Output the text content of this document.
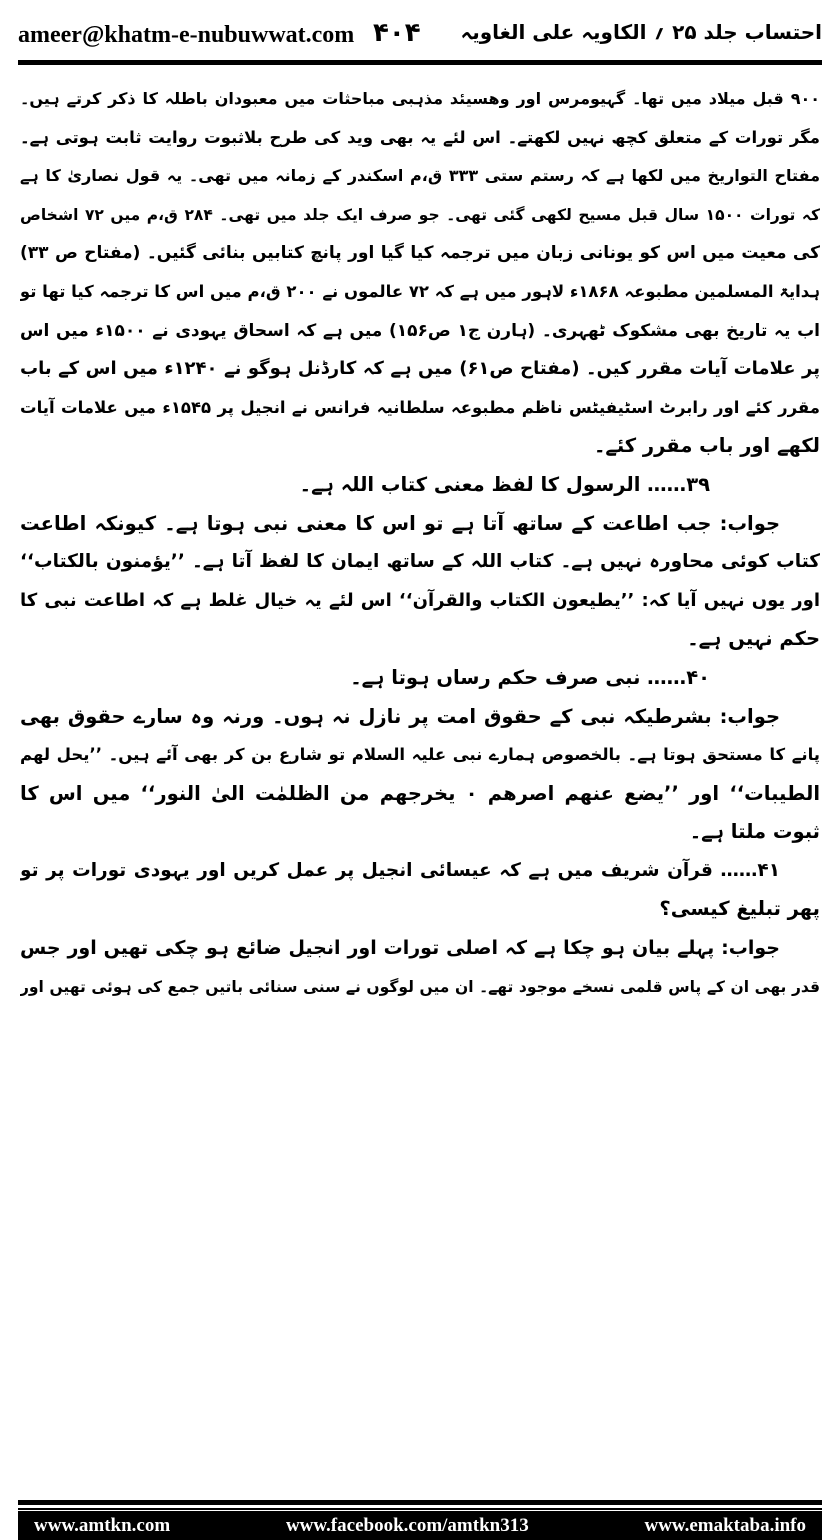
ameer@khatm-e-nubuwwat.com ۴۰۴ احتساب جلد ۲۵ ؍ الکاویہ علی الغاویہ
۹۰۰ قبل میلاد میں تھا۔ گہیومرس اور وهسیئد مذہبی مباحثات میں معبودان باطلہ کا ذکر کرتے ہیں۔
مگر تورات کے متعلق کچھ نہیں لکھتے۔ اس لئے یہ بھی وید کی طرح بلاثبوت روایت ثابت ہوتی ہے۔
مفتاح التواریخ میں لکھا ہے کہ رستم ستی ۳۳۳ ق،م اسکندر کے زمانہ میں تھی۔ یہ قول نصاریٰ کا ہے
کہ تورات ۱۵۰۰ سال قبل مسیح لکھی گئی تھی۔ جو صرف ایک جلد میں تھی۔ ۲۸۴ ق،م میں ۷۲ اشخاص
کی معیت میں اس کو یونانی زبان میں ترجمہ کیا گیا اور پانچ کتابیں بنائی گئیں۔ (مفتاح ص ۳۳)
ہدایۃ المسلمین مطبوعہ ۱۸۶۸ء لاہور میں ہے کہ ۷۲ عالموں نے ۲۰۰ ق،م میں اس کا ترجمہ کیا تھا تو
اب یہ تاریخ بھی مشکوک ٹھہری۔ (ہارن ج۱ ص۱۵۶) میں ہے کہ اسحاق یہودی نے ۱۵۰۰ء میں اس
پر علامات آیات مقرر کیں۔ (مفتاح ص۶۱) میں ہے کہ کارڈنل ہوگو نے ۱۲۴۰ء میں اس کے باب
مقرر کئے اور رابرٹ اسٹیفیٹس ناظم مطبوعہ سلطانیہ فرانس نے انجیل پر ۱۵۴۵ء میں علامات آیات
لکھے اور باب مقرر کئے۔
۳۹…… الرسول کا لفظ معنی کتاب اللہ ہے۔
جواب: جب اطاعت کے ساتھ آتا ہے تو اس کا معنی نبی ہوتا ہے۔ کیونکہ اطاعت
کتاب کوئی محاورہ نہیں ہے۔ کتاب اللہ کے ساتھ ایمان کا لفظ آتا ہے۔ ’’یؤمنون بالکتاب‘‘
اور یوں نہیں آیا کہ: ’’یطیعون الکتاب والقرآن‘‘ اس لئے یہ خیال غلط ہے کہ اطاعت نبی کا
حکم نہیں ہے۔
۴۰…… نبی صرف حکم رساں ہوتا ہے۔
جواب: بشرطیکہ نبی کے حقوق امت پر نازل نہ ہوں۔ ورنہ وہ سارے حقوق بھی
پانے کا مستحق ہوتا ہے۔ بالخصوص ہمارے نبی علیہ السلام تو شارع بن کر بھی آئے ہیں۔ ’’یحل لھم
الطیبات‘‘ اور ’’یضع عنھم اصرھم ۰ یخرجھم من الظلمٰت الیٰ النور‘‘ میں اس کا
ثبوت ملتا ہے۔
۴۱…… قرآن شریف میں ہے کہ عیسائی انجیل پر عمل کریں اور یہودی تورات پر تو
پھر تبلیغ کیسی؟
جواب: پہلے بیان ہو چکا ہے کہ اصلی تورات اور انجیل ضائع ہو چکی تھیں اور جس
قدر بھی ان کے پاس قلمی نسخے موجود تھے۔ ان میں لوگوں نے سنی سنائی باتیں جمع کی ہوئی تھیں اور
www.amtkn.com	www.facebook.com/amtkn313	www.emaktaba.info
